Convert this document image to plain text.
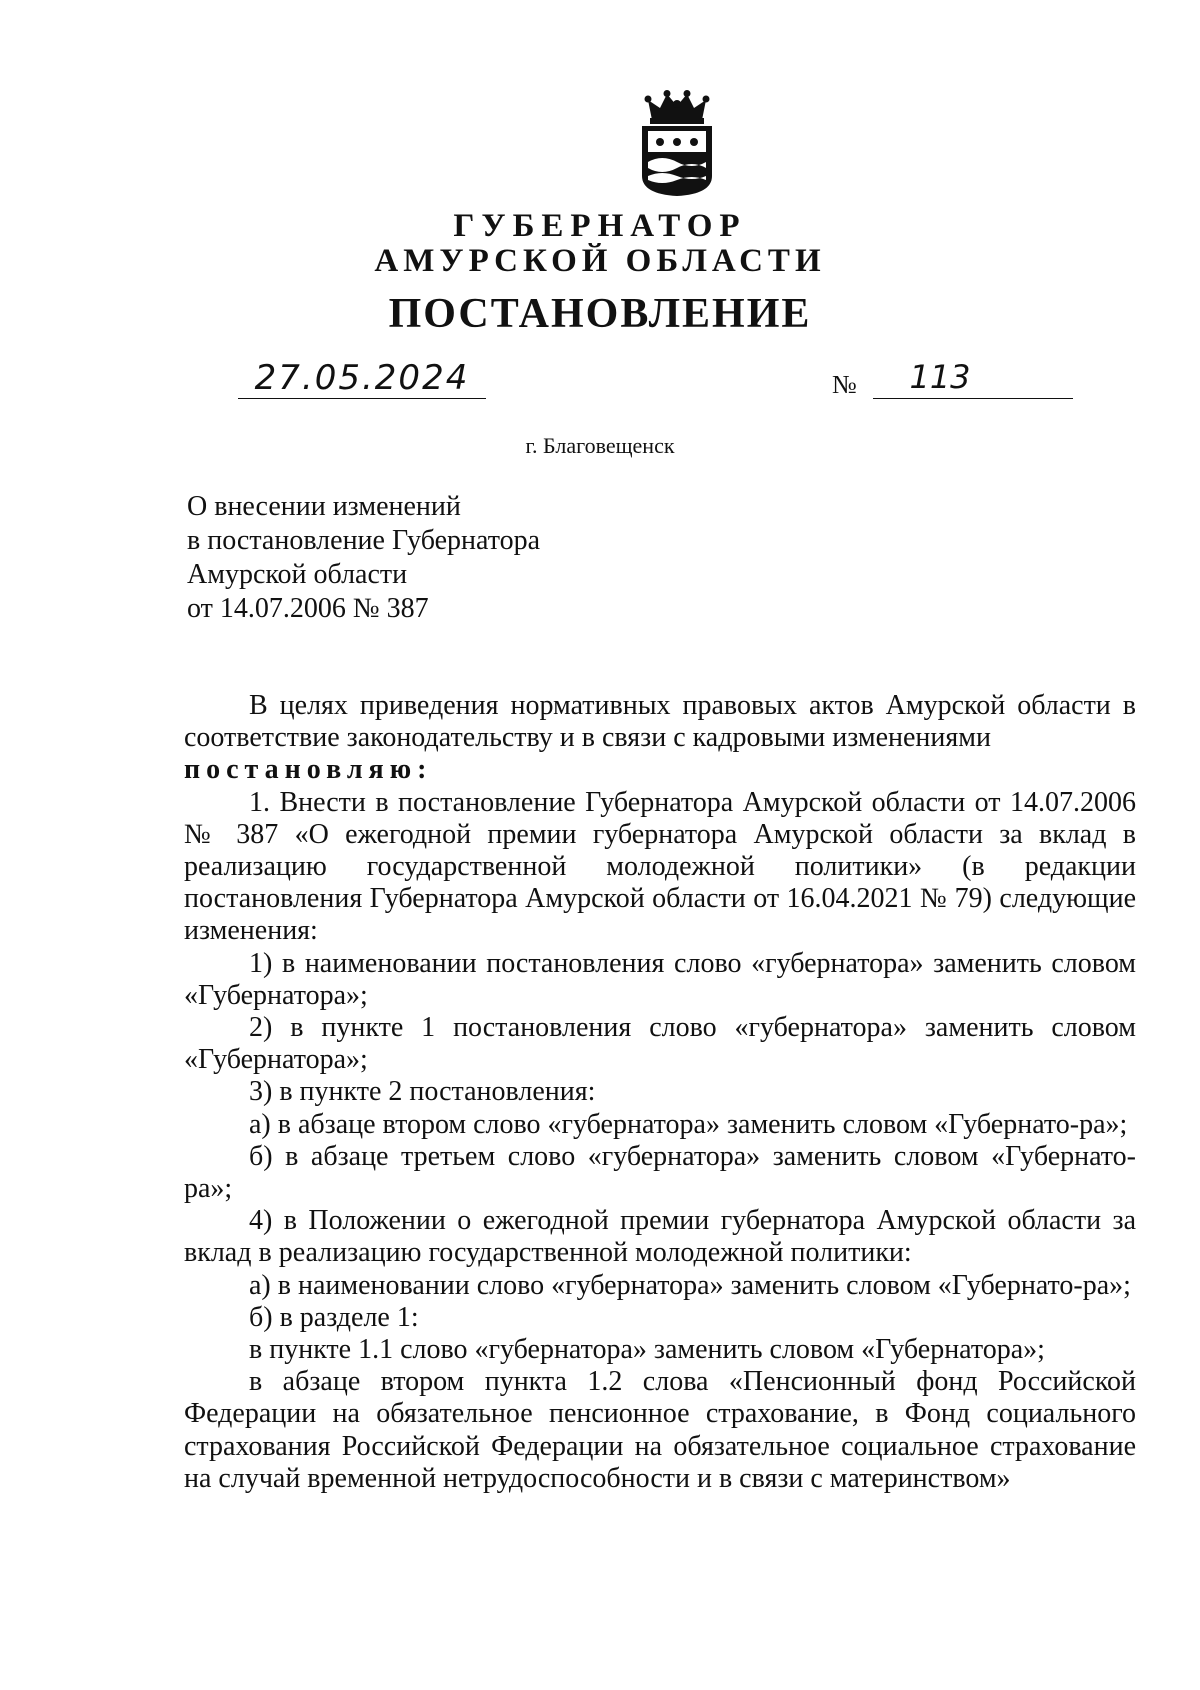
ГУБЕРНАТОР
АМУРСКОЙ ОБЛАСТИ
ПОСТАНОВЛЕНИЕ
27.05.2024	№	113
г. Благовещенск
О внесении изменений
в постановление Губернатора
Амурской области
от 14.07.2006 № 387

В целях приведения нормативных правовых актов Амурской области в соответствие законодательству и в связи с кадровыми изменениями

постановляю:

1. Внести в постановление Губернатора Амурской области от 14.07.2006 № 387 «О ежегодной премии губернатора Амурской области за вклад в реализацию государственной молодежной политики» (в редакции постановления Губернатора Амурской области от 16.04.2021 № 79) следующие изменения:

1) в наименовании постановления слово «губернатора» заменить словом «Губернатора»;

2) в пункте 1 постановления слово «губернатора» заменить словом «Губернатора»;

3) в пункте 2 постановления:

а) в абзаце втором слово «губернатора» заменить словом «Губернато-ра»;

б) в абзаце третьем слово «губернатора» заменить словом «Губернато-ра»;

4) в Положении о ежегодной премии губернатора Амурской области за вклад в реализацию государственной молодежной политики:

а) в наименовании слово «губернатора» заменить словом «Губернато-ра»;

б) в разделе 1:

в пункте 1.1 слово «губернатора» заменить словом «Губернатора»;

в абзаце втором пункта 1.2 слова «Пенсионный фонд Российской Федерации на обязательное пенсионное страхование, в Фонд социального страхования Российской Федерации на обязательное социальное страхование на случай временной нетрудоспособности и в связи с материнством»
